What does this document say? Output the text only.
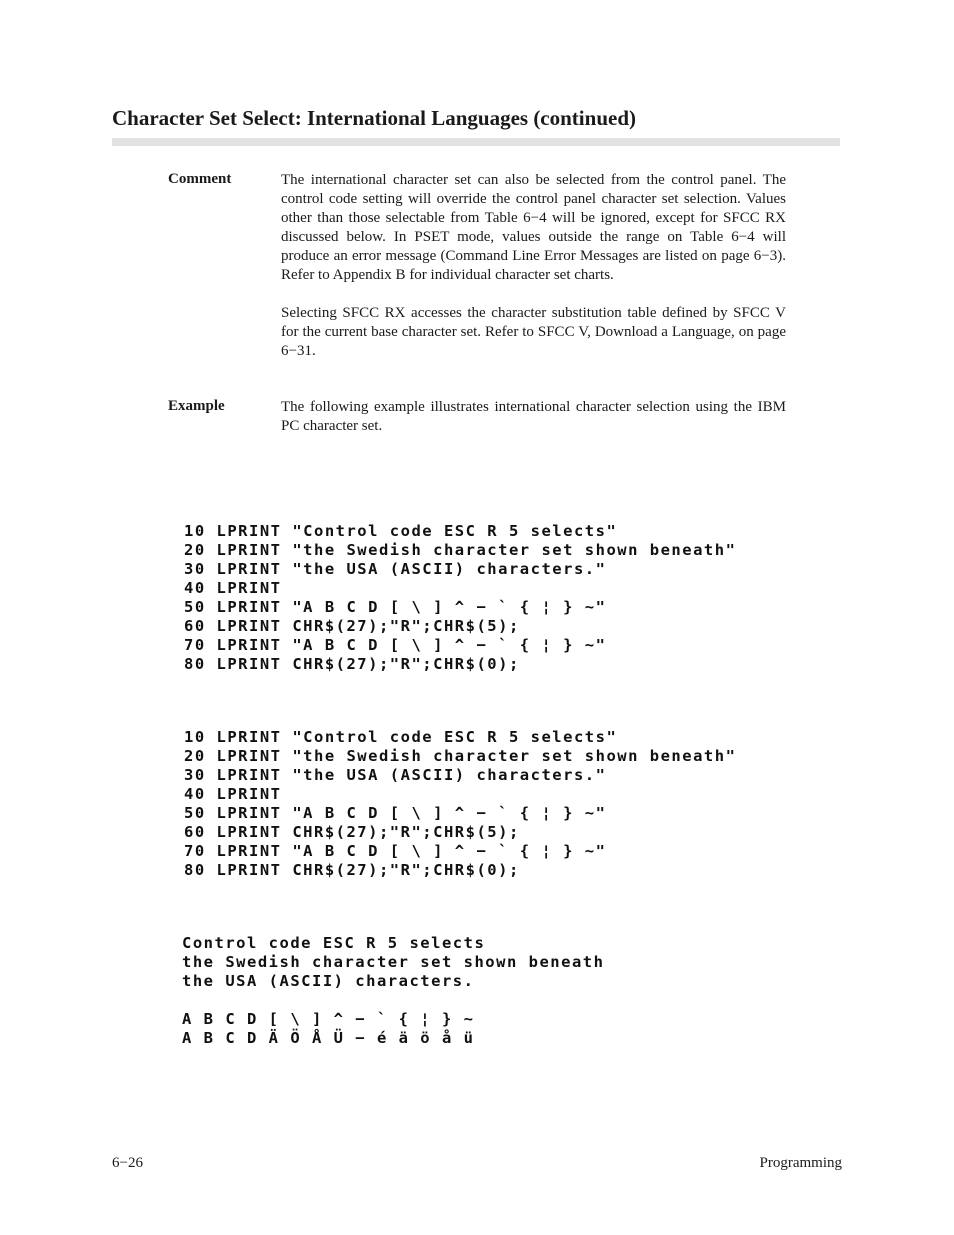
Character Set Select: International Languages (continued)
Comment	The international character set can also be selected from the control panel. The control code setting will override the control panel character set selection. Values other than those selectable from Table 6−4 will be ignored, except for SFCC RX discussed below. In PSET mode, values outside the range on Table 6−4 will produce an error message (Command Line Error Messages are listed on page 6−3). Refer to Appendix B for individual character set charts.

Selecting SFCC RX accesses the character substitution table defined by SFCC V for the current base character set. Refer to SFCC V, Download a Language, on page 6−31.

Example	The following example illustrates international character selection using the IBM PC character set.

10 LPRINT "Control code ESC R 5 selects"
20 LPRINT "the Swedish character set shown beneath"
30 LPRINT "the USA (ASCII) characters."
40 LPRINT
50 LPRINT "A B C D [ \ ] ^ − ` { ¦ } ~"
60 LPRINT CHR$(27);"R";CHR$(5);
70 LPRINT "A B C D [ \ ] ^ − ` { ¦ } ~"
80 LPRINT CHR$(27);"R";CHR$(0);
10 LPRINT "Control code ESC R 5 selects"
20 LPRINT "the Swedish character set shown beneath"
30 LPRINT "the USA (ASCII) characters."
40 LPRINT
50 LPRINT "A B C D [ \ ] ^ − ` { ¦ } ~"
60 LPRINT CHR$(27);"R";CHR$(5);
70 LPRINT "A B C D [ \ ] ^ − ` { ¦ } ~"
80 LPRINT CHR$(27);"R";CHR$(0);
Control code ESC R 5 selects
the Swedish character set shown beneath
the USA (ASCII) characters.
A B C D [ \ ] ^ − ` { ¦ } ~
A B C D Ä Ö Å Ü − é ä ö å ü
6−26	Programming
